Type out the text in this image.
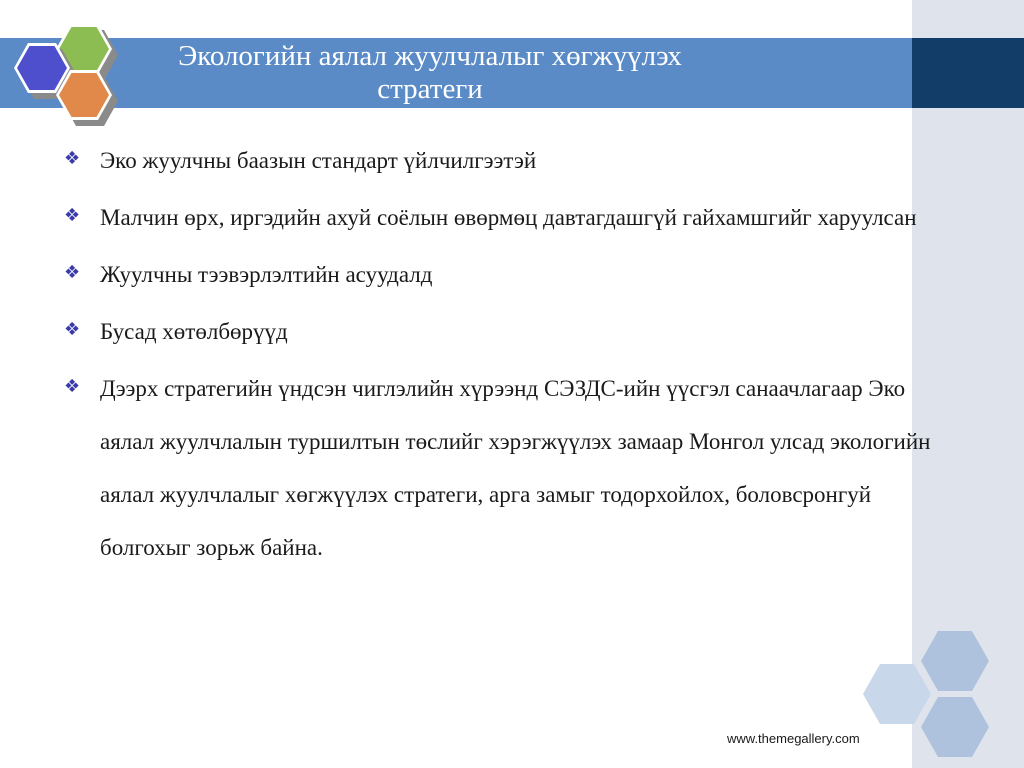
Экологийн аялал жуулчлалыг хөгжүүлэх
стратеги

❖ Эко жуулчны баазын стандарт үйлчилгээтэй

❖ Малчин өрх, иргэдийн ахуй соёлын өвөрмөц давтагдашгүй гайхамшгийг харуулсан

❖ Жуулчны тээвэрлэлтийн асуудалд

❖ Бусад хөтөлбөрүүд

❖ Дээрх стратегийн үндсэн чиглэлийн хүрээнд СЭЗДС-ийн үүсгэл санаачлагаар Эко аялал жуулчлалын туршилтын төслийг хэрэгжүүлэх замаар Монгол улсад экологийн аялал жуулчлалыг хөгжүүлэх стратеги, арга замыг тодорхойлох, боловсронгуй болгохыг зорьж байна.

www.themegallery.com
